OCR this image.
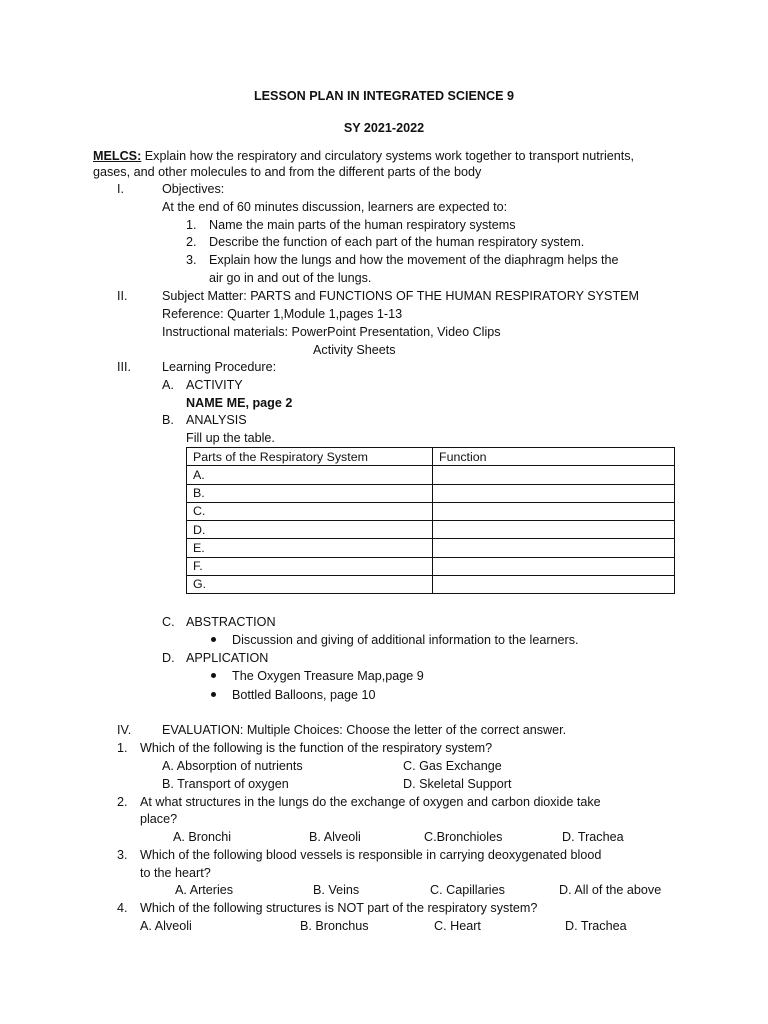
LESSON PLAN IN INTEGRATED SCIENCE 9
SY 2021-2022
MELCS: Explain how the respiratory and circulatory systems work together to transport nutrients,
gases, and other molecules to and from the different parts of the body
I.	Objectives:
At the end of 60 minutes discussion, learners are expected to:
1. Name the main parts of the human respiratory systems
2. Describe the function of each part of the human respiratory system.
3. Explain how the lungs and how the movement of the diaphragm helps the
air go in and out of the lungs.
II.	Subject Matter: PARTS and FUNCTIONS OF THE HUMAN RESPIRATORY SYSTEM
Reference: Quarter 1,Module 1,pages 1-13
Instructional materials: PowerPoint Presentation, Video Clips
Activity Sheets
III. Learning Procedure:
A. ACTIVITY
NAME ME, page 2
B. ANALYSIS
Fill up the table.
Parts of the Respiratory System	Function
A.	
B.	
C.	
D.	
E.	
F.	
G.	
C. ABSTRACTION
Discussion and giving of additional information to the learners.
D. APPLICATION
The Oxygen Treasure Map,page 9
Bottled Balloons, page 10
IV. EVALUATION: Multiple Choices: Choose the letter of the correct answer.
1. Which of the following is the function of the respiratory system?
A. Absorption of nutrients	C. Gas Exchange
B. Transport of oxygen	D. Skeletal Support
2. At what structures in the lungs do the exchange of oxygen and carbon dioxide take
place?
A. Bronchi	B. Alveoli	C.Bronchioles	D. Trachea
3. Which of the following blood vessels is responsible in carrying deoxygenated blood
to the heart?
A. Arteries	B. Veins	C. Capillaries	D. All of the above
4. Which of the following structures is NOT part of the respiratory system?
A. Alveoli	B. Bronchus	C. Heart	D. Trachea
